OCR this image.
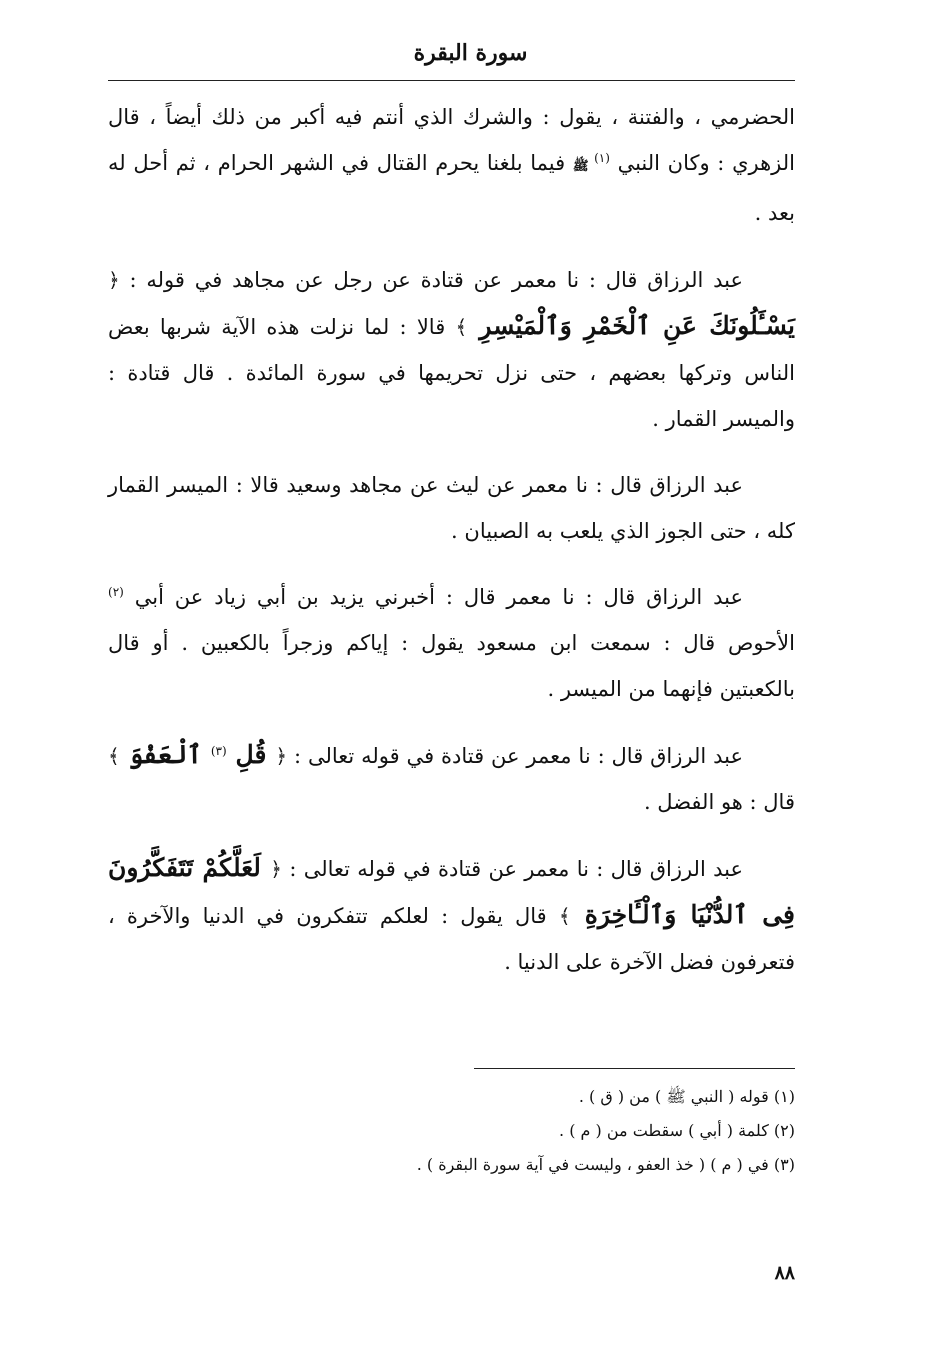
سورة البقرة

الحضرمي ، والفتنة ، يقول : والشرك الذي أنتم فيه أكبر من ذلك أيضاً ، قال الزهري : وكان النبي $^{(١)}$ ﷺ فيما بلغنا يحرم القتال في الشهر الحرام ، ثم أحل له بعد .

عبد الرزاق قال : نا معمر عن قتادة عن رجل عن مجاهد في قوله : ﴿ يَسْـَٔلُونَكَ عَنِ ٱلْخَمْرِ وَٱلْمَيْسِرِ ﴾ قالا : لما نزلت هذه الآية شربها بعض الناس وتركها بعضهم ، حتى نزل تحريمها في سورة المائدة . قال قتادة : والميسر القمار .

عبد الرزاق قال : نا معمر عن ليث عن مجاهد وسعيد قالا : الميسر القمار كله ، حتى الجوز الذي يلعب به الصبيان .

عبد الرزاق قال : نا معمر قال : أخبرني يزيد بن أبي زياد عن أبي $^{(٢)}$ الأحوص قال : سمعت ابن مسعود يقول : إياكم وزجراً بالكعبين . أو قال بالكعبتين فإنهما من الميسر .

عبد الرزاق قال : نا معمر عن قتادة في قوله تعالى : ﴿ قُلِ $^{(٣)}$ ٱلْعَفْوَ ﴾ قال : هو الفضل .

عبد الرزاق قال : نا معمر عن قتادة في قوله تعالى : ﴿ لَعَلَّكُمْ تَتَفَكَّرُونَ فِى ٱلدُّنْيَا وَٱلْـَٔاخِرَةِ ﴾ قال يقول : لعلكم تتفكرون في الدنيا والآخرة ، فتعرفون فضل الآخرة على الدنيا .

(١) قوله ( النبي ﷺ ) من ( ق ) .

(٢) كلمة ( أبي ) سقطت من ( م ) .

(٣) في ( م ) ( خذ العفو ، وليست في آية سورة البقرة ) .

٨٨
